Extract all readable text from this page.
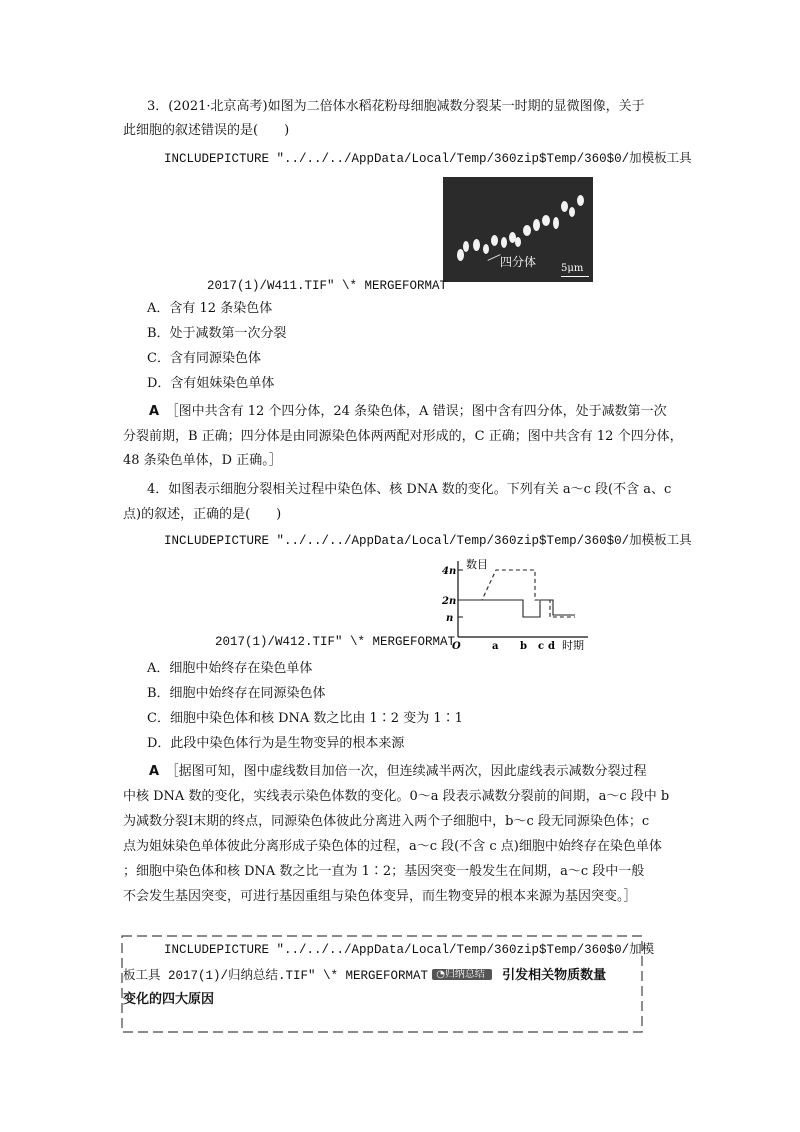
3．(2021·北京高考)如图为二倍体水稻花粉母细胞减数分裂某一时期的显微图像，关于
此细胞的叙述错误的是(　　)
INCLUDEPICTURE "../../../AppData/Local/Temp/360zip$Temp/360$0/加模板工具
四分体 5μm
2017(1)/W411.TIF" \* MERGEFORMAT
A．含有 12 条染色体
B．处于减数第一次分裂
C．含有同源染色体
D．含有姐妹染色单体
A　 ［图中共含有 12 个四分体，24 条染色体，A 错误；图中含有四分体，处于减数第一次
分裂前期，B 正确；四分体是由同源染色体两两配对形成的，C 正确；图中共含有 12 个四分体，
48 条染色单体，D 正确。］
4．如图表示细胞分裂相关过程中染色体、核 DNA 数的变化。下列有关 a～c 段(不含 a、c
点)的叙述，正确的是(　　)
INCLUDEPICTURE "../../../AppData/Local/Temp/360zip$Temp/360$0/加模板工具
数目
4n
2n
n
O	a b c d 时期
2017(1)/W412.TIF" \* MERGEFORMAT
A．细胞中始终存在染色单体
B．细胞中始终存在同源染色体
C．细胞中染色体和核 DNA 数之比由 1∶2 变为 1∶1
D．此段中染色体行为是生物变异的根本来源
A　 ［据图可知，图中虚线数目加倍一次，但连续减半两次，因此虚线表示减数分裂过程
中核 DNA 数的变化，实线表示染色体数的变化。0～a 段表示减数分裂前的间期，a～c 段中 b
为减数分裂Ⅰ末期的终点，同源染色体彼此分离进入两个子细胞中，b～c 段无同源染色体；c
点为姐妹染色单体彼此分离形成子染色体的过程，a～c 段(不含 c 点)细胞中始终存在染色单体
；细胞中染色体和核 DNA 数之比一直为 1∶2；基因突变一般发生在间期，a～c 段中一般
不会发生基因突变，可进行基因重组与染色体变异，而生物变异的根本来源为基因突变。］
INCLUDEPICTURE "../../../AppData/Local/Temp/360zip$Temp/360$0/加模
板工具 2017(1)/归纳总结.TIF" \* MERGEFORMAT ◔归纳总结 引发相关物质数量
变化的四大原因
